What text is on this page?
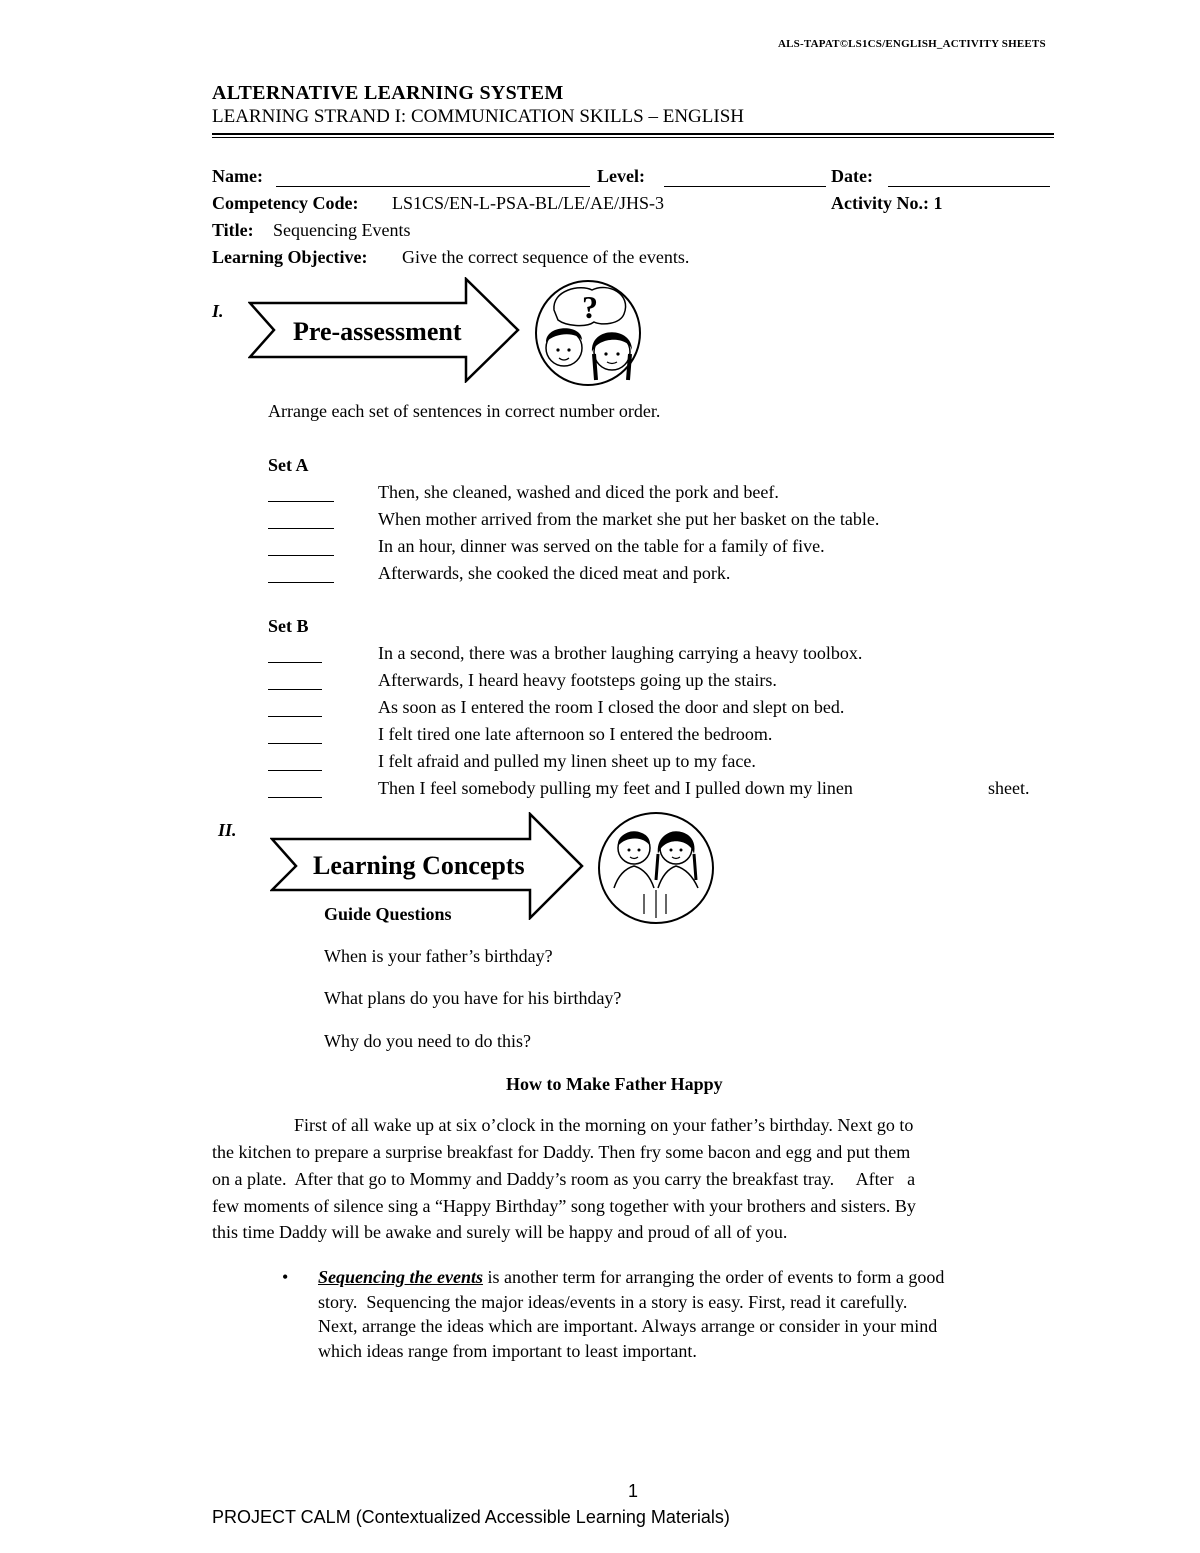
ALS-TAPAT©LS1CS/ENGLISH_ACTIVITY SHEETS
ALTERNATIVE LEARNING SYSTEM
LEARNING STRAND I: COMMUNICATION SKILLS – ENGLISH
Name:	Level:	Date:
Competency Code: LS1CS/EN-L-PSA-BL/LE/AE/JHS-3	Activity No.: 1
Title: Sequencing Events
Learning Objective: Give the correct sequence of the events.
I.
Pre-assessment
?
Arrange each set of sentences in correct number order.
Set A
Then, she cleaned, washed and diced the pork and beef.
When mother arrived from the market she put her basket on the table.
In an hour, dinner was served on the table for a family of five.
Afterwards, she cooked the diced meat and pork.
Set B
In a second, there was a brother laughing carrying a heavy toolbox.
Afterwards, I heard heavy footsteps going up the stairs.
As soon as I entered the room I closed the door and slept on bed.
I felt tired one late afternoon so I entered the bedroom.
I felt afraid and pulled my linen sheet up to my face.
Then I feel somebody pulling my feet and I pulled down my linen	sheet.
II.
Learning Concepts
Guide Questions
When is your father’s birthday?
What plans do you have for his birthday?
Why do you need to do this?
How to Make Father Happy
First of all wake up at six o’clock in the morning on your father’s birthday. Next go to
the kitchen to prepare a surprise breakfast for Daddy. Then fry some bacon and egg and put them
on a plate.  After that go to Mommy and Daddy’s room as you carry the breakfast tray.     After   a
few moments of silence sing a “Happy Birthday” song together with your brothers and sisters. By
this time Daddy will be awake and surely will be happy and proud of all of you.
• Sequencing the events is another term for arranging the order of events to form a good
story.  Sequencing the major ideas/events in a story is easy. First, read it carefully.
Next, arrange the ideas which are important. Always arrange or consider in your mind
which ideas range from important to least important.
1
PROJECT CALM (Contextualized Accessible Learning Materials)
